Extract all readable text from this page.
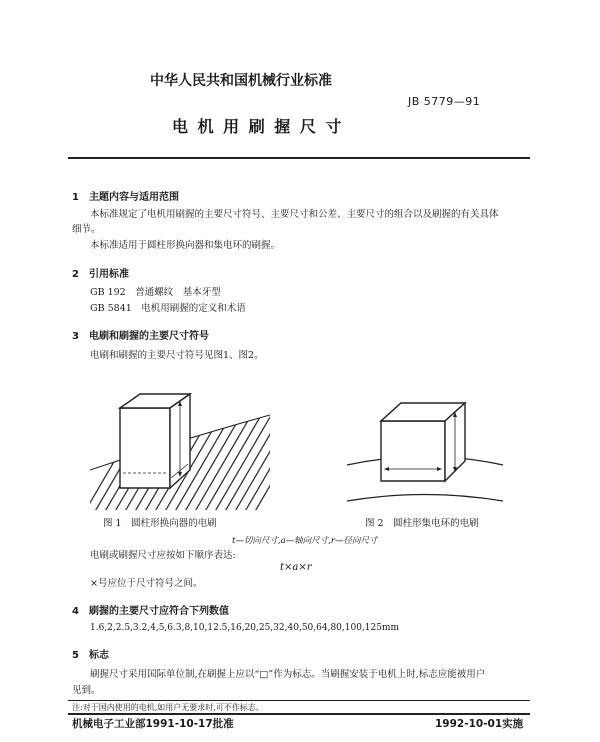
中华人民共和国机械行业标准
JB 5779—91
电 机 用 刷 握 尺 寸
1　 主题内容与适用范围
本标准规定了电机用刷握的主要尺寸符号、主要尺寸和公差、主要尺寸的组合以及刷握的有关具体
细节。
本标准适用于圆柱形换向器和集电环的刷握。
2　 引用标准
GB 192　 普通螺纹　基本牙型
GB 5841　 电机用刷握的定义和术语
3　 电刷和刷握的主要尺寸符号
电刷和刷握的主要尺寸符号见图1、图2。
图 1　圆柱形换向器的电刷	图 2　圆柱形集电环的电刷
t—切向尺寸,a—轴向尺寸,r—径向尺寸
电刷或刷握尺寸应按如下顺序表达:
t×a×r
×号应位于尺寸符号之间。
4　 刷握的主要尺寸应符合下列数值
1.6,2,2.5,3.2,4,5,6.3,8,10,12.5,16,20,25,32,40,50,64,80,100,125mm
5　 标志
刷握尺寸采用国际单位制,在刷握上应以“□”作为标志。当刷握安装于电机上时,标志应能被用户
见到。
注:对于国内使用的电机,如用户无要求时,可不作标志。
机械电子工业部1991-10-17批准	1992-10-01实施
